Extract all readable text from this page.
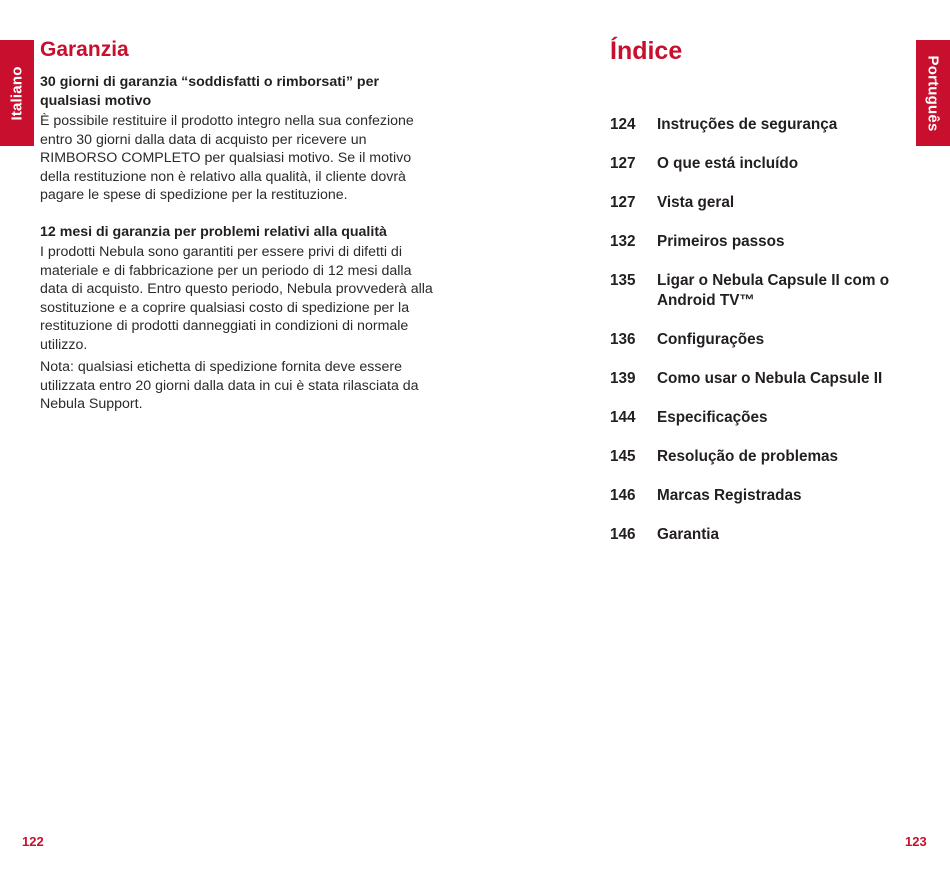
Italiano
Garanzia
30 giorni di garanzia “soddisfatti o rimborsati” per qualsiasi motivo

È possibile restituire il prodotto integro nella sua confezione entro 30 giorni dalla data di acquisto per ricevere un RIMBORSO COMPLETO per qualsiasi motivo. Se il motivo della restituzione non è relativo alla qualità, il cliente dovrà pagare le spese di spedizione per la restituzione.

12 mesi di garanzia per problemi relativi alla qualità

I prodotti Nebula sono garantiti per essere privi di difetti di materiale e di fabbricazione per un periodo di 12 mesi dalla data di acquisto. Entro questo periodo, Nebula provvederà alla sostituzione e a coprire qualsiasi costo di spedizione per la restituzione di prodotti danneggiati in condizioni di normale utilizzo.

Nota: qualsiasi etichetta di spedizione fornita deve essere utilizzata entro 20 giorni dalla data in cui è stata rilasciata da Nebula Support.

122
Português
Índice
124	Instruções de segurança
127	O que está incluído
127	Vista geral
132	Primeiros passos
135	Ligar o Nebula Capsule II com o Android TV™
136	Configurações
139	Como usar o Nebula Capsule II
144	Especificações
145	Resolução de problemas
146	Marcas Registradas
146	Garantia
123
